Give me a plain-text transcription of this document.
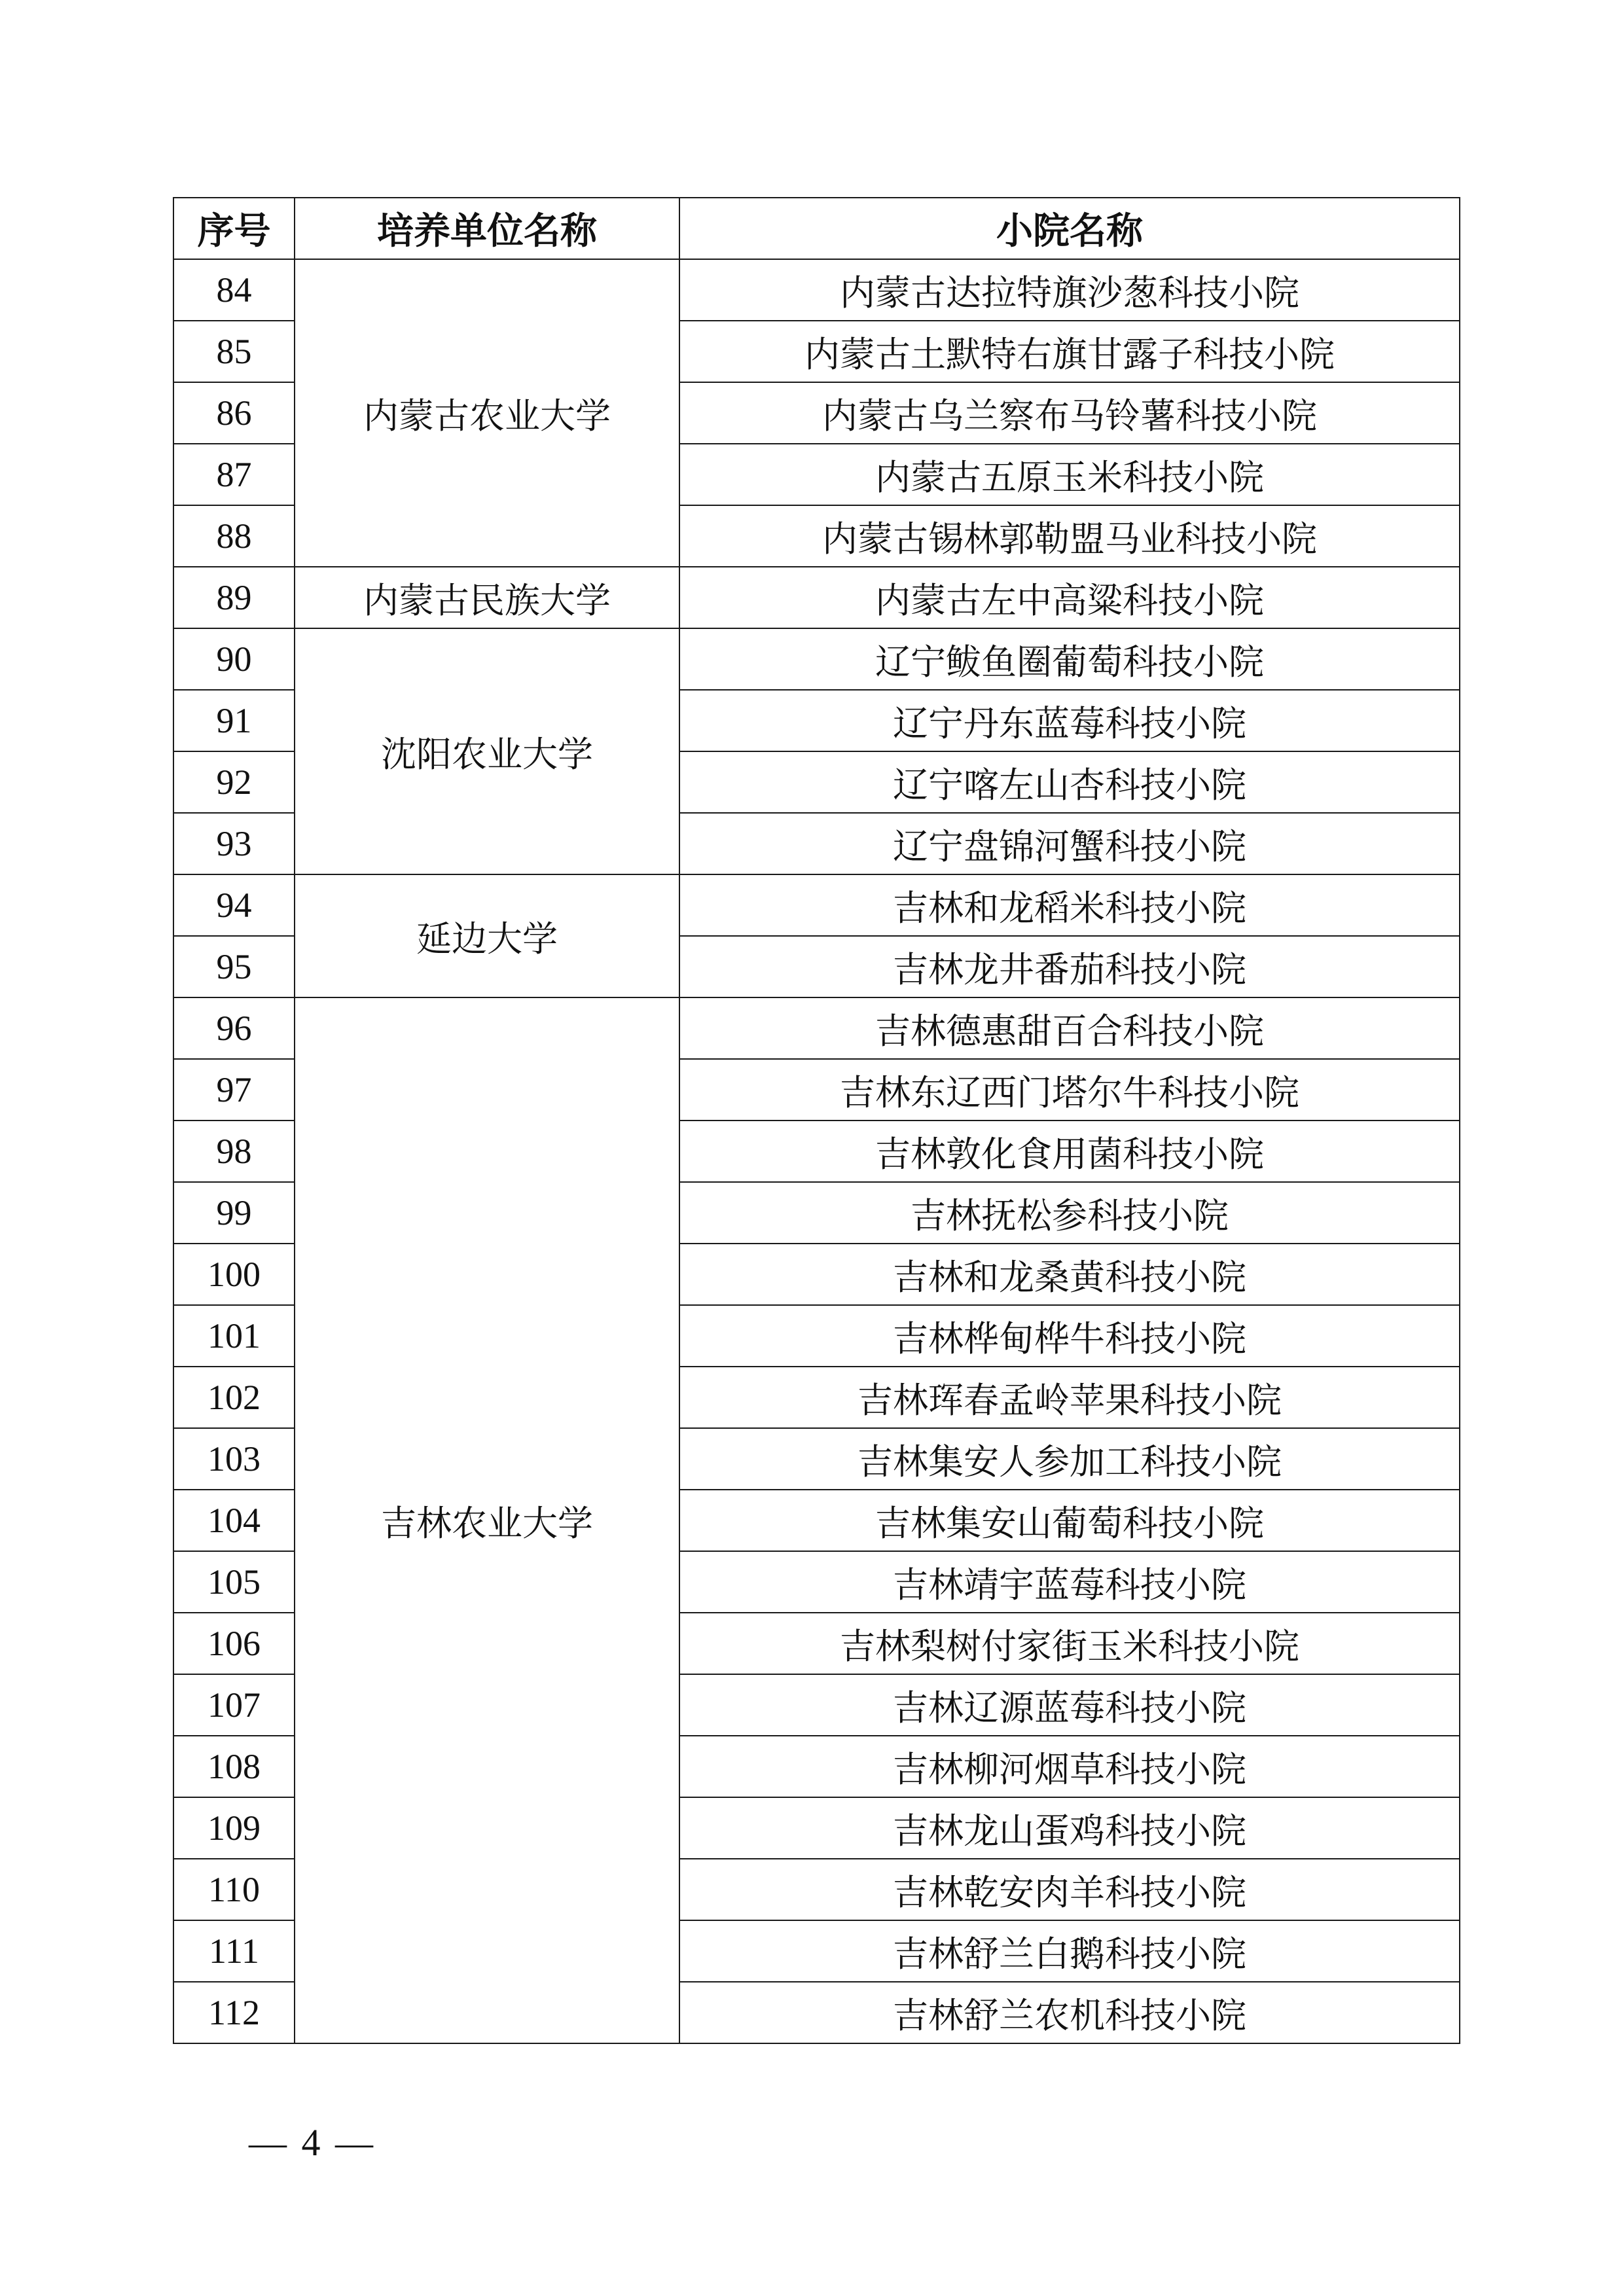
序号	培养单位名称	小院名称
84	内蒙古农业大学	内蒙古达拉特旗沙葱科技小院
85		内蒙古土默特右旗甘露子科技小院
86		内蒙古乌兰察布马铃薯科技小院
87		内蒙古五原玉米科技小院
88		内蒙古锡林郭勒盟马业科技小院
89	内蒙古民族大学	内蒙古左中高粱科技小院
90	沈阳农业大学	辽宁鲅鱼圈葡萄科技小院
91		辽宁丹东蓝莓科技小院
92		辽宁喀左山杏科技小院
93		辽宁盘锦河蟹科技小院
94	延边大学	吉林和龙稻米科技小院
95		吉林龙井番茄科技小院
96	吉林农业大学	吉林德惠甜百合科技小院
97		吉林东辽西门塔尔牛科技小院
98		吉林敦化食用菌科技小院
99		吉林抚松参科技小院
100		吉林和龙桑黄科技小院
101		吉林桦甸桦牛科技小院
102		吉林珲春孟岭苹果科技小院
103		吉林集安人参加工科技小院
104		吉林集安山葡萄科技小院
105		吉林靖宇蓝莓科技小院
106		吉林梨树付家街玉米科技小院
107		吉林辽源蓝莓科技小院
108		吉林柳河烟草科技小院
109		吉林龙山蛋鸡科技小院
110		吉林乾安肉羊科技小院
111		吉林舒兰白鹅科技小院
112		吉林舒兰农机科技小院
— 4 —
